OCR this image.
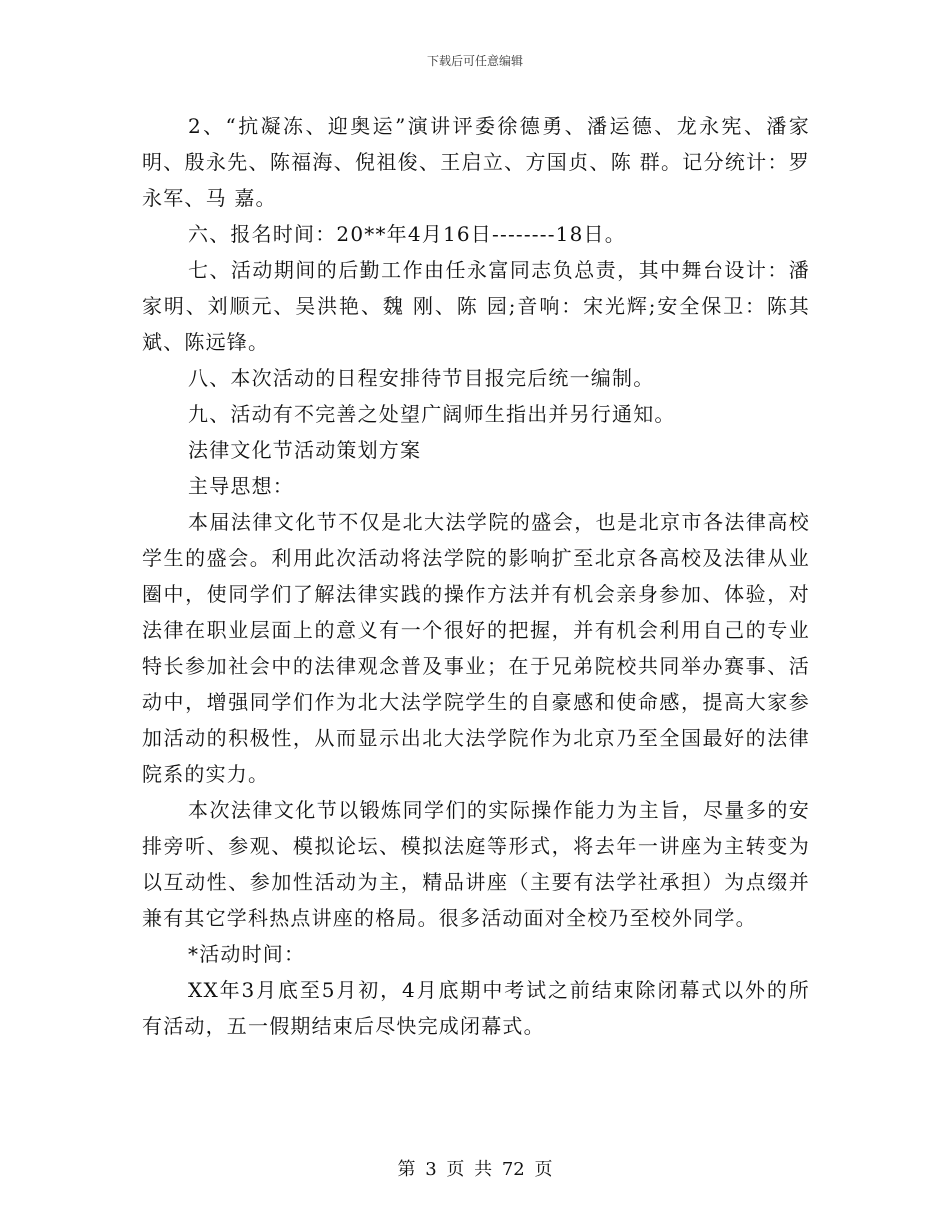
下载后可任意编辑

2、“抗凝冻、迎奥运”演讲评委徐德勇、潘运德、龙永宪、潘家明、殷永先、陈福海、倪祖俊、王启立、方国贞、陈 群。记分统计：罗永军、马 嘉。

六、报名时间：20**年4月16日--------18日。

七、活动期间的后勤工作由任永富同志负总责，其中舞台设计：潘家明、刘顺元、吴洪艳、魏 刚、陈 园;音响：宋光辉;安全保卫：陈其斌、陈远锋。

八、本次活动的日程安排待节目报完后统一编制。

九、活动有不完善之处望广阔师生指出并另行通知。

法律文化节活动策划方案

主导思想：

本届法律文化节不仅是北大法学院的盛会，也是北京市各法律高校学生的盛会。利用此次活动将法学院的影响扩至北京各高校及法律从业圈中，使同学们了解法律实践的操作方法并有机会亲身参加、体验，对法律在职业层面上的意义有一个很好的把握，并有机会利用自己的专业特长参加社会中的法律观念普及事业；在于兄弟院校共同举办赛事、活动中，增强同学们作为北大法学院学生的自豪感和使命感，提高大家参加活动的积极性，从而显示出北大法学院作为北京乃至全国最好的法律院系的实力。

本次法律文化节以锻炼同学们的实际操作能力为主旨，尽量多的安排旁听、参观、模拟论坛、模拟法庭等形式，将去年一讲座为主转变为以互动性、参加性活动为主，精品讲座（主要有法学社承担）为点缀并兼有其它学科热点讲座的格局。很多活动面对全校乃至校外同学。

*活动时间：

XX年3月底至5月初，4月底期中考试之前结束除闭幕式以外的所有活动，五一假期结束后尽快完成闭幕式。

第 3 页 共 72 页
